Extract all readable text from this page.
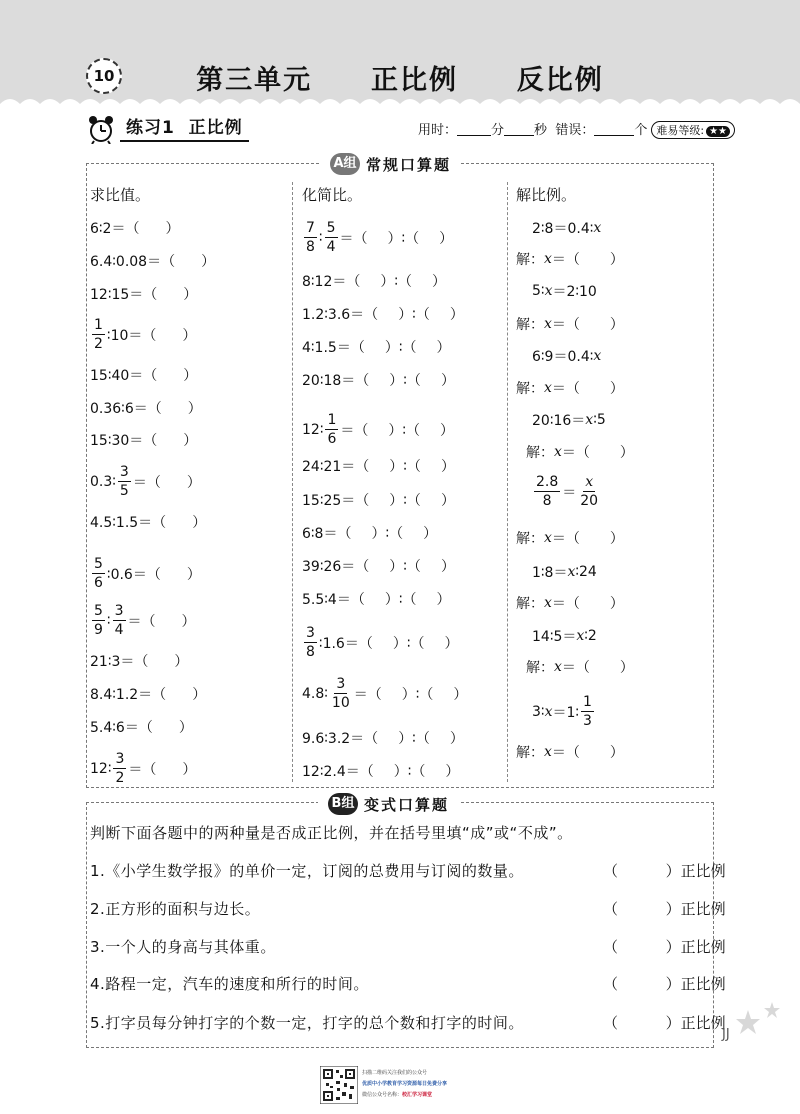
10	第三单元  正比例  反比例
练习1  正比例	用时：	分 秒 错误：	个 难易等级: ★★
A组 常规口算题
求比值。	化简比。	解比例。
6∶2＝（ ）
6.4∶0.08＝（ ）
12∶15＝（ ）
$\frac{1}{2}$ ∶10＝（ ）
15∶40＝（ ）
0.36∶6＝（ ）
15∶30＝（ ）
0.3∶ $\frac{3}{5}$ ＝（ ）
4.5∶1.5＝（ ）
$\frac{5}{6}$ ∶0.6＝（ ）
$\frac{5}{9}$ ∶ $\frac{3}{4}$ ＝（ ）
21∶3＝（ ）
8.4∶1.2＝（ ）
5.4∶6＝（ ）
12∶ $\frac{3}{2}$ ＝（ ）
$\frac{7}{8}$ ∶ $\frac{5}{4}$ ＝（ ）∶（ ）
8∶12＝（ ）∶（ ）
1.2∶3.6＝（ ）∶（ ）
4∶1.5＝（ ）∶（ ）
20∶18＝（ ）∶（ ）
12∶ $\frac{1}{6}$ ＝（ ）∶（ ）
24∶21＝（ ）∶（ ）
15∶25＝（ ）∶（ ）
6∶8＝（ ）∶（ ）
39∶26＝（ ）∶（ ）
5.5∶4＝（ ）∶（ ）
$\frac{3}{8}$ ∶1.6＝（ ）∶（ ）
4.8∶ $\frac{3}{10}$ ＝（ ）∶（ ）
9.6∶3.2＝（ ）∶（ ）
12∶2.4＝（ ）∶（ ）
2∶8＝0.4∶ x
解： x ＝（ ）
5∶ x ＝2∶10
解： x ＝（ ）
6∶9＝0.4∶ x
解： x ＝（ ）
20∶16＝ x ∶5
解： x ＝（ ）
$\frac{2.8}{8} = \frac{x}{20}$
解： x ＝（ ）
1∶8＝ x ∶24
解： x ＝（ ）
14∶5＝ x ∶2
解： x ＝（ ）
3∶ x ＝1∶ $\frac{1}{3}$
解： x ＝（ ）
B组 变式口算题
判断下面各题中的两种量是否成正比例，并在括号里填“成”或“不成”。
1.《小学生数学报》的单价一定，订阅的总费用与订阅的数量。	（          ）正比例
2.正方形的面积与边长。	（          ）正比例
3.一个人的身高与其体重。	（          ）正比例
4.路程一定，汽车的速度和所行的时间。	（          ）正比例
5.打字员每分钟打字的个数一定，打字的总个数和打字的时间。	（          ）正比例
JJ
扫描二维码关注我们的公众号
优质中小学教育学习资源每日免费分享
微信公众号名称：校汇学习课堂
